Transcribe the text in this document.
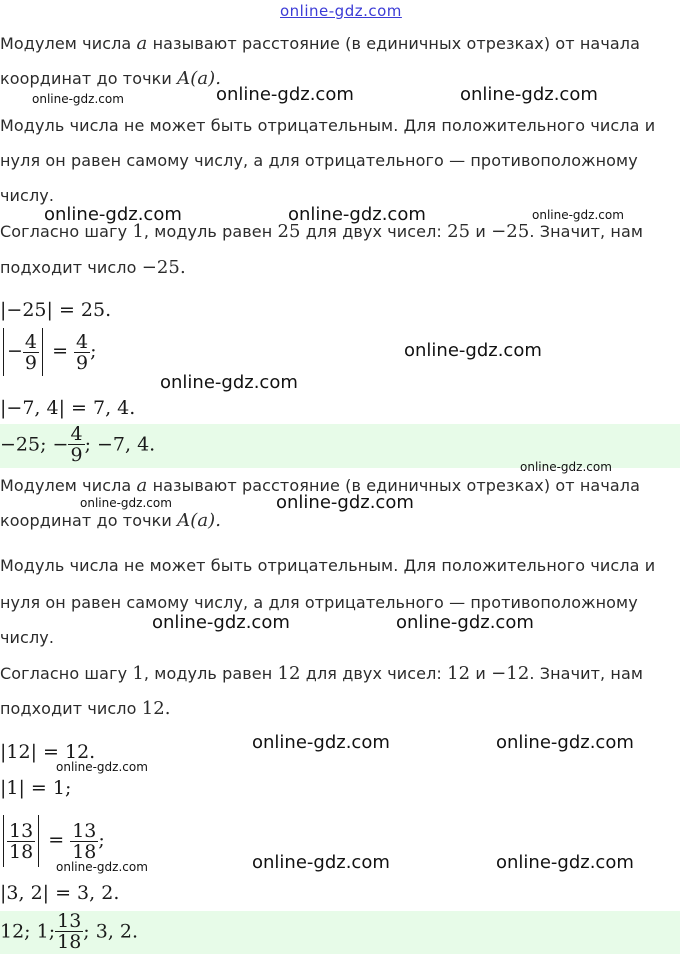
online-gdz.com
Модулем числа a называют расстояние (в единичных отрезках) от начала
координат до точки A(a).
Модуль числа не может быть отрицательным. Для положительного числа и
нуля он равен самому числу, а для отрицательного — противоположному
числу.
Согласно шагу 1, модуль равен 25 для двух чисел: 25 и −25. Значит, нам
подходит число −25.
|−25| = 25.
− $\frac{4}{9} = \frac{4}{9}$ ;
|−7, 4| = 7, 4.
−25; − $\frac{4}{9}$ ; −7, 4.
Модулем числа a называют расстояние (в единичных отрезках) от начала
координат до точки A(a).
Модуль числа не может быть отрицательным. Для положительного числа и
нуля он равен самому числу, а для отрицательного — противоположному
числу.
Согласно шагу 1, модуль равен 12 для двух чисел: 12 и −12. Значит, нам
подходит число 12.
|12| = 12.
|1| = 1;
$\frac{13}{18} = \frac{13}{18}$ ;
|3, 2| = 3, 2.
12; 1; $\frac{13}{18}$ ; 3, 2.
online-gdz.com	online-gdz.com	online-gdz.com
online-gdz.com	online-gdz.com	online-gdz.com
online-gdz.com
online-gdz.com
online-gdz.com
online-gdz.com	online-gdz.com
online-gdz.com	online-gdz.com
online-gdz.com	online-gdz.com
online-gdz.com
online-gdz.com	online-gdz.com
online-gdz.com
